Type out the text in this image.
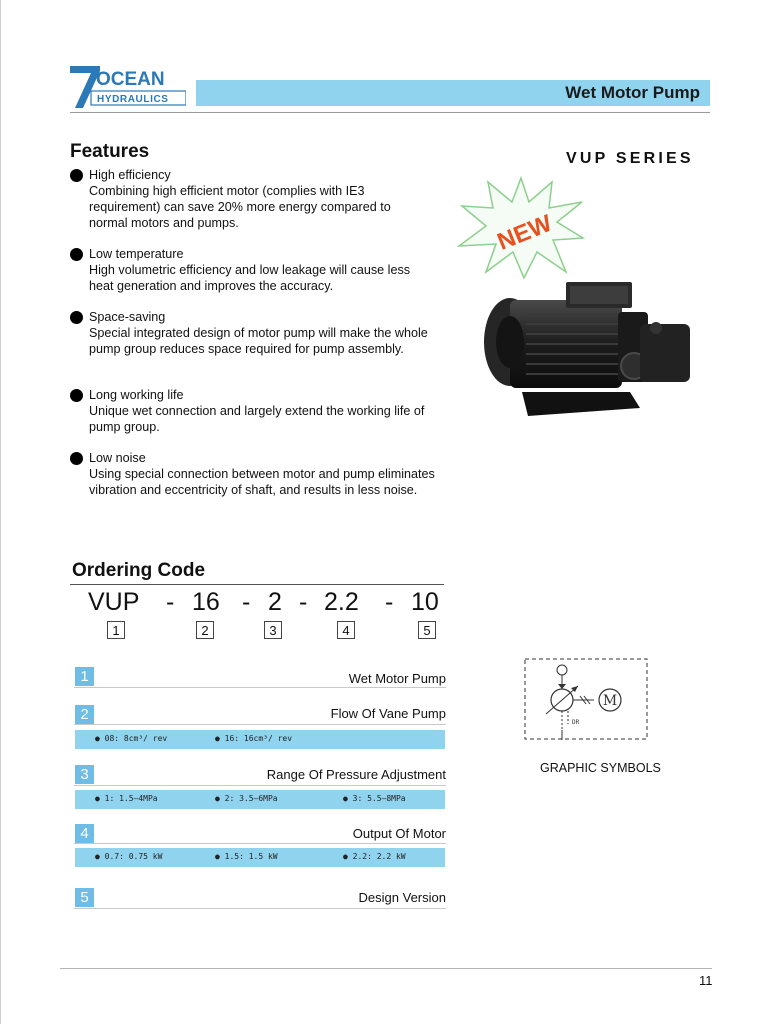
OCEAN
HYDRAULICS	Wet Motor Pump
Features	VUP SERIES
High efficiency
Combining high efficient motor (complies with IE3 requirement) can save 20% more energy compared to normal motors and pumps.
Low temperature
High volumetric efficiency and low leakage will cause less heat generation and improves the accuracy.
Space-saving
Special integrated design of motor pump will make the whole pump group reduces space required for pump assembly.
Long working life
Unique wet connection and largely extend the working life of pump group.
Low noise
Using special connection between motor and pump eliminates vibration and eccentricity of shaft, and results in less noise.
NEW
Ordering Code
VUP - 16 - 2 - 2.2 - 10
1	2	3	4	5
1	Wet Motor Pump
2	Flow Of Vane Pump
● 08: 8cm³/ rev	● 16: 16cm³/ rev
3	Range Of Pressure Adjustment
● 1: 1.5—4MPa	● 2: 3.5—6MPa	● 3: 5.5—8MPa
4	Output Of Motor
● 0.7: 0.75 kW	● 1.5: 1.5 kW	● 2.2: 2.2 kW
5	Design Version
M
DR
GRAPHIC SYMBOLS
11
